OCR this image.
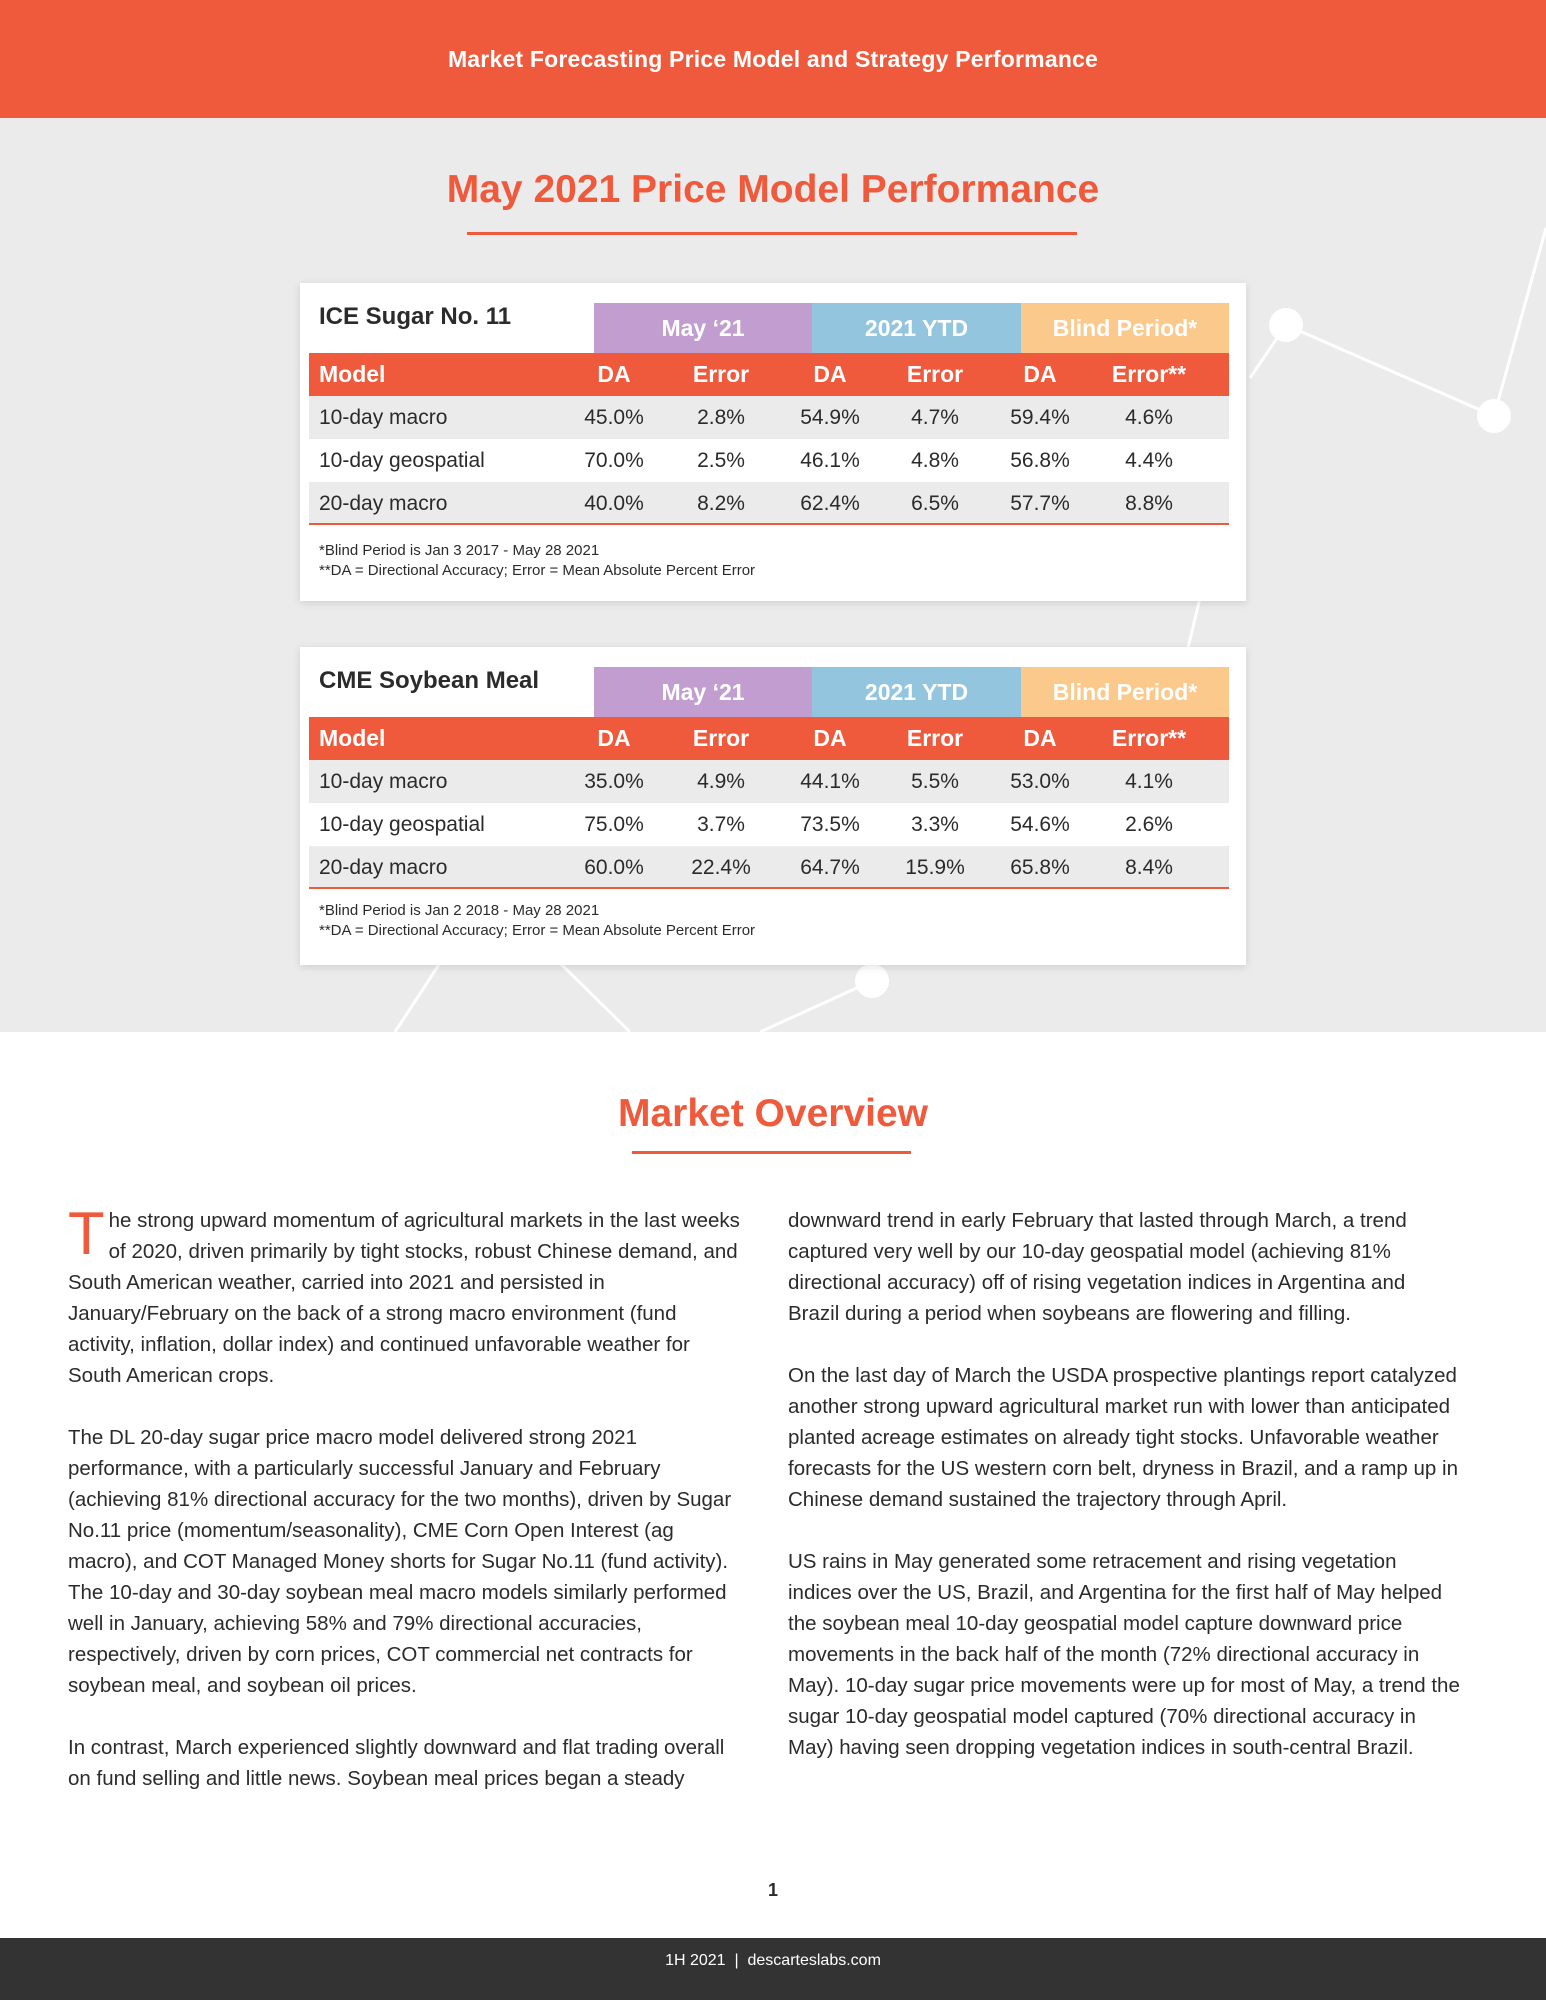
Market Forecasting Price Model and Strategy Performance
May 2021 Price Model Performance
ICE Sugar No. 11	May ‘21	2021 YTD	Blind Period*
Model	DA	Error	DA	Error	DA	Error**
10-day macro	45.0%	2.8%	54.9%	4.7%	59.4%	4.6%
10-day geospatial	70.0%	2.5%	46.1%	4.8%	56.8%	4.4%
20-day macro	40.0%	8.2%	62.4%	6.5%	57.7%	8.8%
*Blind Period is Jan 3 2017 - May 28 2021
**DA = Directional Accuracy; Error = Mean Absolute Percent Error
CME Soybean Meal	May ‘21	2021 YTD	Blind Period*
Model	DA	Error	DA	Error	DA	Error**
10-day macro	35.0%	4.9%	44.1%	5.5%	53.0%	4.1%
10-day geospatial	75.0%	3.7%	73.5%	3.3%	54.6%	2.6%
20-day macro	60.0%	22.4%	64.7%	15.9%	65.8%	8.4%
*Blind Period is Jan 2 2018 - May 28 2021
**DA = Directional Accuracy; Error = Mean Absolute Percent Error
Market Overview

The strong upward momentum of agricultural markets in the last weeks of 2020, driven primarily by tight stocks, robust Chinese demand, and South American weather, carried into 2021 and persisted in January/February on the back of a strong macro environment (fund activity, inflation, dollar index) and continued unfavorable weather for South American crops.

The DL 20-day sugar price macro model delivered strong 2021 performance, with a particularly successful January and February (achieving 81% directional accuracy for the two months), driven by Sugar No.11 price (momentum/seasonality), CME Corn Open Interest (ag macro), and COT Managed Money shorts for Sugar No.11 (fund activity). The 10-day and 30-day soybean meal macro models similarly performed well in January, achieving 58% and 79% directional accuracies, respectively, driven by corn prices, COT commercial net contracts for soybean meal, and soybean oil prices.

In contrast, March experienced slightly downward and flat trading overall on fund selling and little news. Soybean meal prices began a steady

downward trend in early February that lasted through March, a trend captured very well by our 10-day geospatial model (achieving 81% directional accuracy) off of rising vegetation indices in Argentina and Brazil during a period when soybeans are flowering and filling.

On the last day of March the USDA prospective plantings report catalyzed another strong upward agricultural market run with lower than anticipated planted acreage estimates on already tight stocks. Unfavorable weather forecasts for the US western corn belt, dryness in Brazil, and a ramp up in Chinese demand sustained the trajectory through April.

US rains in May generated some retracement and rising vegetation indices over the US, Brazil, and Argentina for the first half of May helped the soybean meal 10-day geospatial model capture downward price movements in the back half of the month (72% directional accuracy in May). 10-day sugar price movements were up for most of May, a trend the sugar 10-day geospatial model captured (70% directional accuracy in May) having seen dropping vegetation indices in south-central Brazil.

1
1H 2021  |  descarteslabs.com
